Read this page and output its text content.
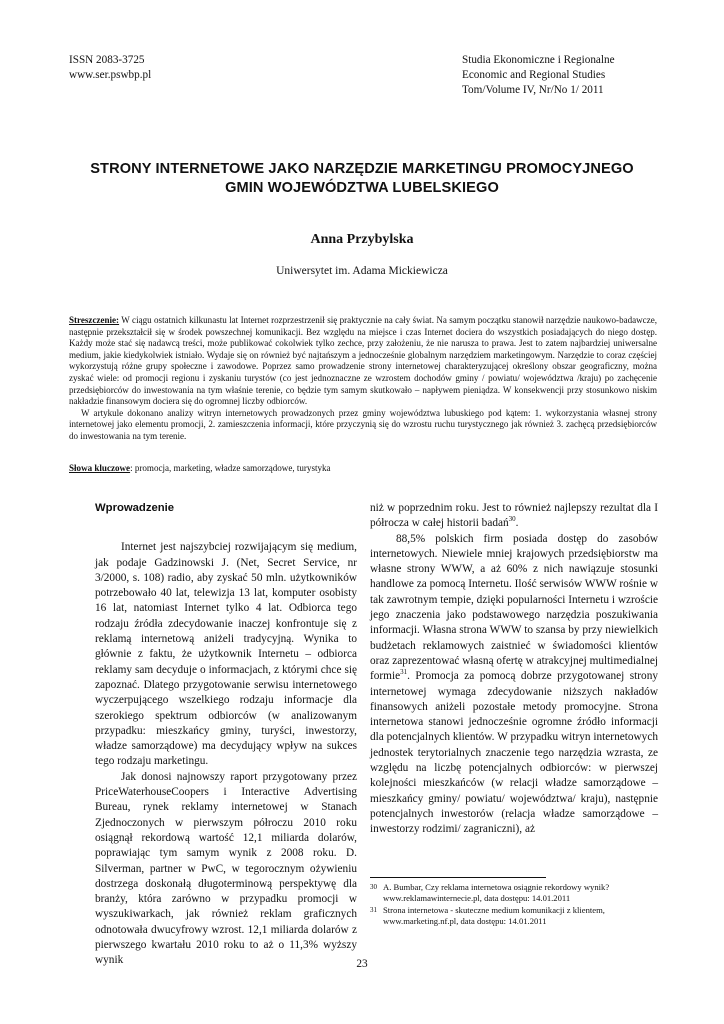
ISSN 2083-3725
www.ser.pswbp.pl
Studia Ekonomiczne i Regionalne
Economic and Regional Studies
Tom/Volume IV, Nr/No 1/ 2011
STRONY INTERNETOWE JAKO NARZĘDZIE MARKETINGU PROMOCYJNEGO
GMIN WOJEWÓDZTWA LUBELSKIEGO
Anna Przybylska
Uniwersytet im. Adama Mickiewicza

Streszczenie: W ciągu ostatnich kilkunastu lat Internet rozprzestrzenił się praktycznie na cały świat. Na samym początku stanowił narzędzie naukowo-badawcze, następnie przekształcił się w środek powszechnej komunikacji. Bez względu na miejsce i czas Internet dociera do wszystkich posiadających do niego dostęp. Każdy może stać się nadawcą treści, może publikować cokolwiek tylko zechce, przy założeniu, że nie narusza to prawa. Jest to zatem najbardziej uniwersalne medium, jakie kiedykolwiek istniało. Wydaje się on również być najtańszym a jednocześnie globalnym narzędziem marketingowym. Narzędzie to coraz częściej wykorzystują różne grupy społeczne i zawodowe. Poprzez samo prowadzenie strony internetowej charakteryzującej określony obszar geograficzny, można zyskać wiele: od promocji regionu i zyskaniu turystów (co jest jednoznaczne ze wzrostem dochodów gminy / powiatu/ województwa /kraju) po zachęcenie przedsiębiorców do inwestowania na tym właśnie terenie, co będzie tym samym skutkowało – napływem pieniądza. W konsekwencji przy stosunkowo niskim nakładzie finansowym dociera się do ogromnej liczby odbiorców.

W artykule dokonano analizy witryn internetowych prowadzonych przez gminy województwa lubuskiego pod kątem: 1. wykorzystania własnej strony internetowej jako elementu promocji, 2. zamieszczenia informacji, które przyczynią się do wzrostu ruchu turystycznego jak również 3. zachęcą przedsiębiorców do inwestowania na tym terenie.

Słowa kluczowe: promocja, marketing, władze samorządowe, turystyka
Wprowadzenie

Internet jest najszybciej rozwijającym się medium, jak podaje Gadzinowski J. (Net, Secret Service, nr 3/2000, s. 108) radio, aby zyskać 50 mln. użytkowników potrzebowało 40 lat, telewizja 13 lat, komputer osobisty 16 lat, natomiast Internet tylko 4 lat. Odbiorca tego rodzaju źródła zdecydowanie inaczej konfrontuje się z reklamą internetową aniżeli tradycyjną. Wynika to głównie z faktu, że użytkownik Internetu – odbiorca reklamy sam decyduje o informacjach, z którymi chce się zapoznać. Dlatego przygotowanie serwisu internetowego wyczerpującego wszelkiego rodzaju informacje dla szerokiego spektrum odbiorców (w analizowanym przypadku: mieszkańcy gminy, turyści, inwestorzy, władze samorządowe) ma decydujący wpływ na sukces tego rodzaju marketingu.

Jak donosi najnowszy raport przygotowany przez PriceWaterhouseCoopers i Interactive Advertising Bureau, rynek reklamy internetowej w Stanach Zjednoczonych w pierwszym półroczu 2010 roku osiągnął rekordową wartość 12,1 miliarda dolarów, poprawiając tym samym wynik z 2008 roku. D. Silverman, partner w PwC, w tegorocznym ożywieniu dostrzega doskonałą długoterminową perspektywę dla branży, która zarówno w przypadku promocji w wyszukiwarkach, jak również reklam graficznych odnotowała dwucyfrowy wzrost. 12,1 miliarda dolarów z pierwszego kwartału 2010 roku to aż o 11,3% wyższy wynik

niż w poprzednim roku. Jest to również najlepszy rezultat dla I półrocza w całej historii badań$^{30}$.

88,5% polskich firm posiada dostęp do zasobów internetowych. Niewiele mniej krajowych przedsiębiorstw ma własne strony WWW, a aż 60% z nich nawiązuje stosunki handlowe za pomocą Internetu. Ilość serwisów WWW rośnie w tak zawrotnym tempie, dzięki popularności Internetu i wzroście jego znaczenia jako podstawowego narzędzia poszukiwania informacji. Własna strona WWW to szansa by przy niewielkich budżetach reklamowych zaistnieć w świadomości klientów oraz zaprezentować własną ofertę w atrakcyjnej multimedialnej formie$^{31}$. Promocja za pomocą dobrze przygotowanej strony internetowej wymaga zdecydowanie niższych nakładów finansowych aniżeli pozostałe metody promocyjne. Strona internetowa stanowi jednocześnie ogromne źródło informacji dla potencjalnych klientów. W przypadku witryn internetowych jednostek terytorialnych znaczenie tego narzędzia wzrasta, ze względu na liczbę potencjalnych odbiorców: w pierwszej kolejności mieszkańców (w relacji władze samorządowe – mieszkańcy gminy/ powiatu/ województwa/ kraju), następnie potencjalnych inwestorów (relacja władze samorządowe – inwestorzy rodzimi/ zagraniczni), aż

30 A. Bumbar, Czy reklama internetowa osiągnie rekordowy wynik?www.reklamawinternecie.pl, data dostępu: 14.01.2011
31 Strona internetowa - skuteczne medium komunikacji z klientem, www.marketing.nf.pl, data dostępu: 14.01.2011
23
